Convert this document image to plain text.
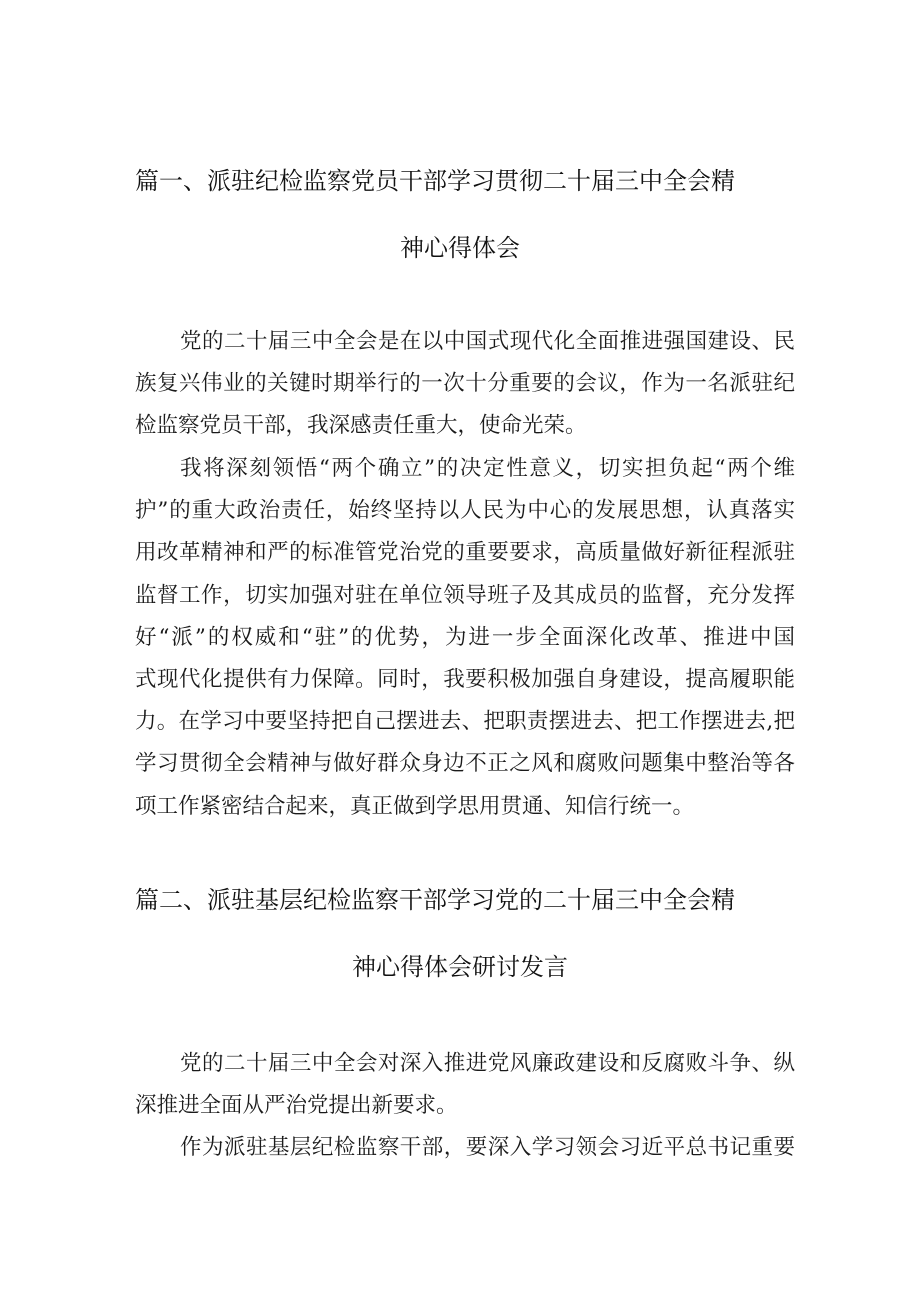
篇一、派驻纪检监察党员干部学习贯彻二十届三中全会精
神心得体会
党的二十届三中全会是在以中国式现代化全面推进强国建设、民
族复兴伟业的关键时期举行的一次十分重要的会议，作为一名派驻纪
检监察党员干部，我深感责任重大，使命光荣。
我将深刻领悟“两个确立”的决定性意义，切实担负起“两个维
护”的重大政治责任，始终坚持以人民为中心的发展思想，认真落实
用改革精神和严的标准管党治党的重要要求，高质量做好新征程派驻
监督工作，切实加强对驻在单位领导班子及其成员的监督，充分发挥
好“派”的权威和“驻”的优势，为进一步全面深化改革、推进中国
式现代化提供有力保障。同时，我要积极加强自身建设，提高履职能
力。在学习中要坚持把自己摆进去、把职责摆进去、把工作摆进去,把
学习贯彻全会精神与做好群众身边不正之风和腐败问题集中整治等各
项工作紧密结合起来，真正做到学思用贯通、知信行统一。
篇二、派驻基层纪检监察干部学习党的二十届三中全会精
神心得体会研讨发言
党的二十届三中全会对深入推进党风廉政建设和反腐败斗争、纵
深推进全面从严治党提出新要求。
作为派驻基层纪检监察干部，要深入学习领会习近平总书记重要
